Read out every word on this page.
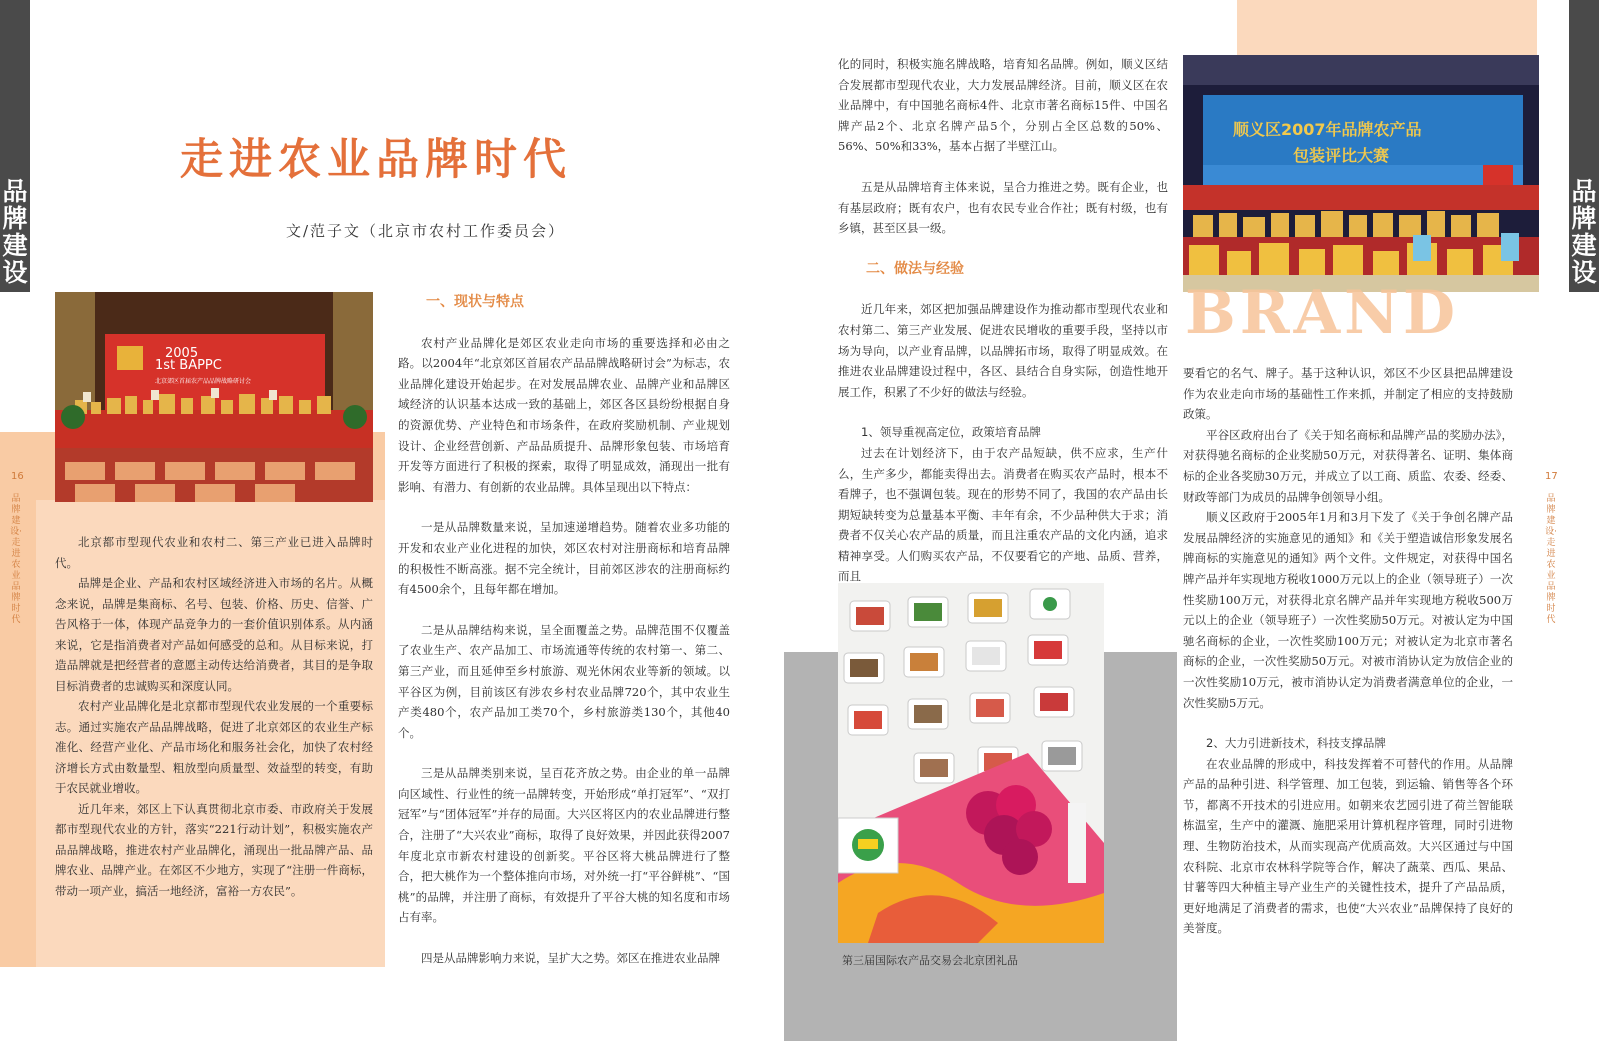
品牌建设
16
品牌建设·走进农业品牌时代
走进农业品牌时代
文/范子文（北京市农村工作委员会）
2005
1st BAPPC
北京郊区首届农产品品牌战略研讨会

北京都市型现代农业和农村二、第三产业已进入品牌时代。

品牌是企业、产品和农村区域经济进入市场的名片。从概念来说，品牌是集商标、名号、包装、价格、历史、信誉、广告风格于一体，体现产品竞争力的一套价值识别体系。从内涵来说，它是指消费者对产品如何感受的总和。从目标来说，打造品牌就是把经营者的意愿主动传达给消费者，其目的是争取目标消费者的忠诚购买和深度认同。

农村产业品牌化是北京都市型现代农业发展的一个重要标志。通过实施农产品品牌战略，促进了北京郊区的农业生产标准化、经营产业化、产品市场化和服务社会化，加快了农村经济增长方式由数量型、粗放型向质量型、效益型的转变，有助于农民就业增收。

近几年来，郊区上下认真贯彻北京市委、市政府关于发展都市型现代农业的方针，落实“221行动计划”，积极实施农产品品牌战略，推进农村产业品牌化，涌现出一批品牌产品、品牌农业、品牌产业。在郊区不少地方，实现了“注册一件商标，带动一项产业，搞活一地经济，富裕一方农民”。

一、现状与特点

农村产业品牌化是郊区农业走向市场的重要选择和必由之路。以2004年“北京郊区首届农产品品牌战略研讨会”为标志，农业品牌化建设开始起步。在对发展品牌农业、品牌产业和品牌区域经济的认识基本达成一致的基础上，郊区各区县纷纷根据自身的资源优势、产业特色和市场条件，在政府奖励机制、产业规划设计、企业经营创新、产品品质提升、品牌形象包装、市场培育开发等方面进行了积极的探索，取得了明显成效，涌现出一批有影响、有潜力、有创新的农业品牌。具体呈现出以下特点：

一是从品牌数量来说，呈加速递增趋势。随着农业多功能的开发和农业产业化进程的加快，郊区农村对注册商标和培育品牌的积极性不断高涨。据不完全统计，目前郊区涉农的注册商标约有4500余个，且每年都在增加。

二是从品牌结构来说，呈全面覆盖之势。品牌范围不仅覆盖了农业生产、农产品加工、市场流通等传统的农村第一、第二、第三产业，而且延伸至乡村旅游、观光休闲农业等新的领域。以平谷区为例，目前该区有涉农乡村农业品牌720个，其中农业生产类480个，农产品加工类70个，乡村旅游类130个，其他40个。

三是从品牌类别来说，呈百花齐放之势。由企业的单一品牌向区域性、行业性的统一品牌转变，开始形成“单打冠军”、“双打冠军”与“团体冠军”并存的局面。大兴区将区内的农业品牌进行整合，注册了“大兴农业”商标，取得了良好效果，并因此获得2007年度北京市新农村建设的创新奖。平谷区将大桃品牌进行了整合，把大桃作为一个整体推向市场，对外统一打“平谷鲜桃”、“国桃”的品牌，并注册了商标，有效提升了平谷大桃的知名度和市场占有率。

四是从品牌影响力来说，呈扩大之势。郊区在推进农业品牌

品牌建设
17
品牌建设·走进农业品牌时代

化的同时，积极实施名牌战略，培育知名品牌。例如，顺义区结合发展都市型现代农业，大力发展品牌经济。目前，顺义区在农业品牌中，有中国驰名商标4件、北京市著名商标15件、中国名牌产品2个、北京名牌产品5个，分别占全区总数的50%、56%、50%和33%，基本占据了半壁江山。

五是从品牌培育主体来说，呈合力推进之势。既有企业，也有基层政府；既有农户，也有农民专业合作社；既有村级，也有乡镇，甚至区县一级。

二、做法与经验

近几年来，郊区把加强品牌建设作为推动都市型现代农业和农村第二、第三产业发展、促进农民增收的重要手段，坚持以市场为导向，以产业育品牌，以品牌拓市场，取得了明显成效。在推进农业品牌建设过程中，各区、县结合自身实际，创造性地开展工作，积累了不少好的做法与经验。

1、领导重视高定位，政策培育品牌

过去在计划经济下，由于农产品短缺，供不应求，生产什么，生产多少，都能卖得出去。消费者在购买农产品时，根本不看牌子，也不强调包装。现在的形势不同了，我国的农产品由长期短缺转变为总量基本平衡、丰年有余，不少品种供大于求；消费者不仅关心农产品的质量，而且注重农产品的文化内涵，追求精神享受。人们购买农产品，不仅要看它的产地、品质、营养，而且

第三届国际农产品交易会北京团礼品
顺义区2007年品牌农产品
包装评比大赛
BRAND

要看它的名气、牌子。基于这种认识，郊区不少区县把品牌建设作为农业走向市场的基础性工作来抓，并制定了相应的支持鼓励政策。

平谷区政府出台了《关于知名商标和品牌产品的奖励办法》，对获得驰名商标的企业奖励50万元，对获得著名、证明、集体商标的企业各奖励30万元，并成立了以工商、质监、农委、经委、财政等部门为成员的品牌争创领导小组。

顺义区政府于2005年1月和3月下发了《关于争创名牌产品发展品牌经济的实施意见的通知》和《关于塑造诚信形象发展名牌商标的实施意见的通知》两个文件。文件规定，对获得中国名牌产品并年实现地方税收1000万元以上的企业（领导班子）一次性奖励100万元，对获得北京名牌产品并年实现地方税收500万元以上的企业（领导班子）一次性奖励50万元。对被认定为中国驰名商标的企业，一次性奖励100万元；对被认定为北京市著名商标的企业，一次性奖励50万元。对被市消协认定为放信企业的一次性奖励10万元，被市消协认定为消费者满意单位的企业，一次性奖励5万元。

2、大力引进新技术，科技支撑品牌

在农业品牌的形成中，科技发挥着不可替代的作用。从品牌产品的品种引进、科学管理、加工包装，到运输、销售等各个环节，都离不开技术的引进应用。如朝来农艺园引进了荷兰智能联栋温室，生产中的灌溉、施肥采用计算机程序管理，同时引进物理、生物防治技术，从而实现高产优质高效。大兴区通过与中国农科院、北京市农林科学院等合作，解决了蔬菜、西瓜、果品、甘薯等四大种植主导产业生产的关键性技术，提升了产品品质，更好地满足了消费者的需求，也使“大兴农业”品牌保持了良好的美誉度。
